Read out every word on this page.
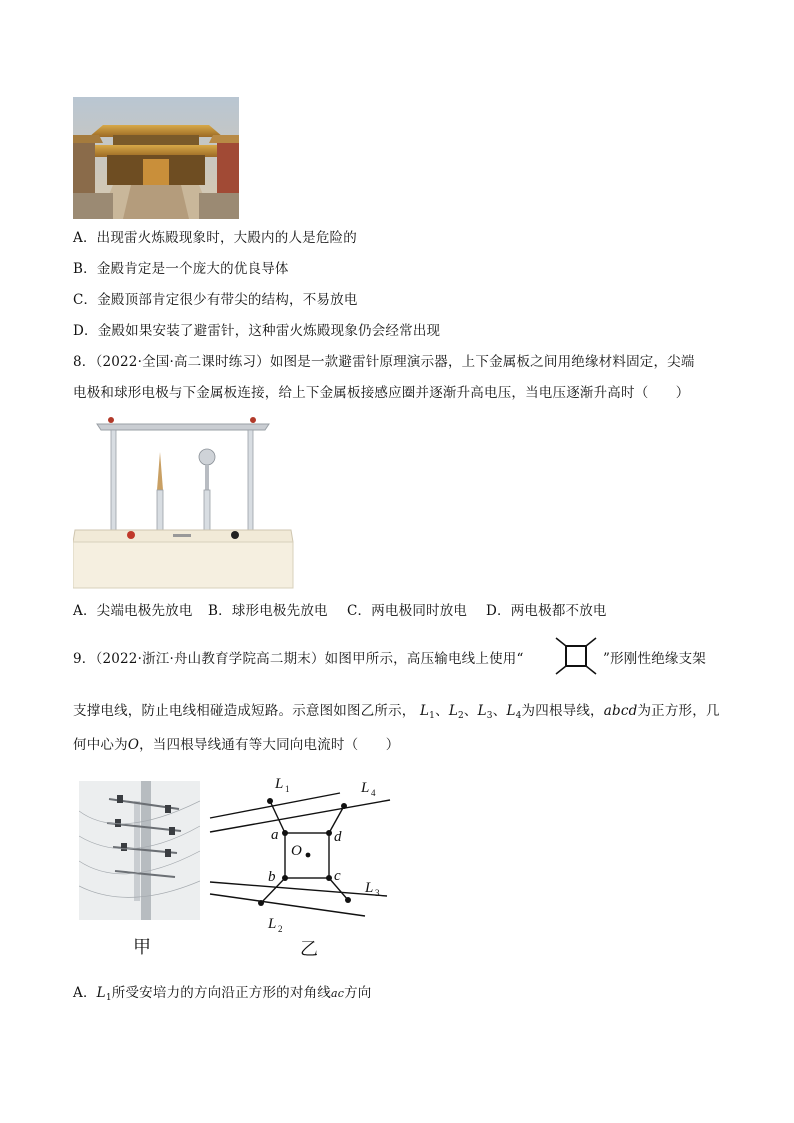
A．出现雷火炼殿现象时，大殿内的人是危险的
B．金殿肯定是一个庞大的优良导体
C．金殿顶部肯定很少有带尖的结构，不易放电
D．金殿如果安装了避雷针，这种雷火炼殿现象仍会经常出现
8．（2022·全国·高二课时练习）如图是一款避雷针原理演示器，上下金属板之间用绝缘材料固定，尖端
电极和球形电极与下金属板连接，给上下金属板接感应圈并逐渐升高电压，当电压逐渐升高时（　　）
A．尖端电极先放电 B．球形电极先放电 C．两电极同时放电 D．两电极都不放电
9．（2022·浙江·舟山教育学院高二期末）如图甲所示，高压输电线上使用“	”形刚性绝缘支架
支撑电线，防止电线相碰造成短路。示意图如图乙所示， $L_1$、$L_2$、$L_3$、$L_4$为四根导线，abcd为正方形，几
何中心为O，当四根导线通有等大同向电流时（　　）
甲
L 1	L 4
L 3
L 2
a	d
b	c
O
乙
A．$L_1$所受安培力的方向沿正方形的对角线ac方向
